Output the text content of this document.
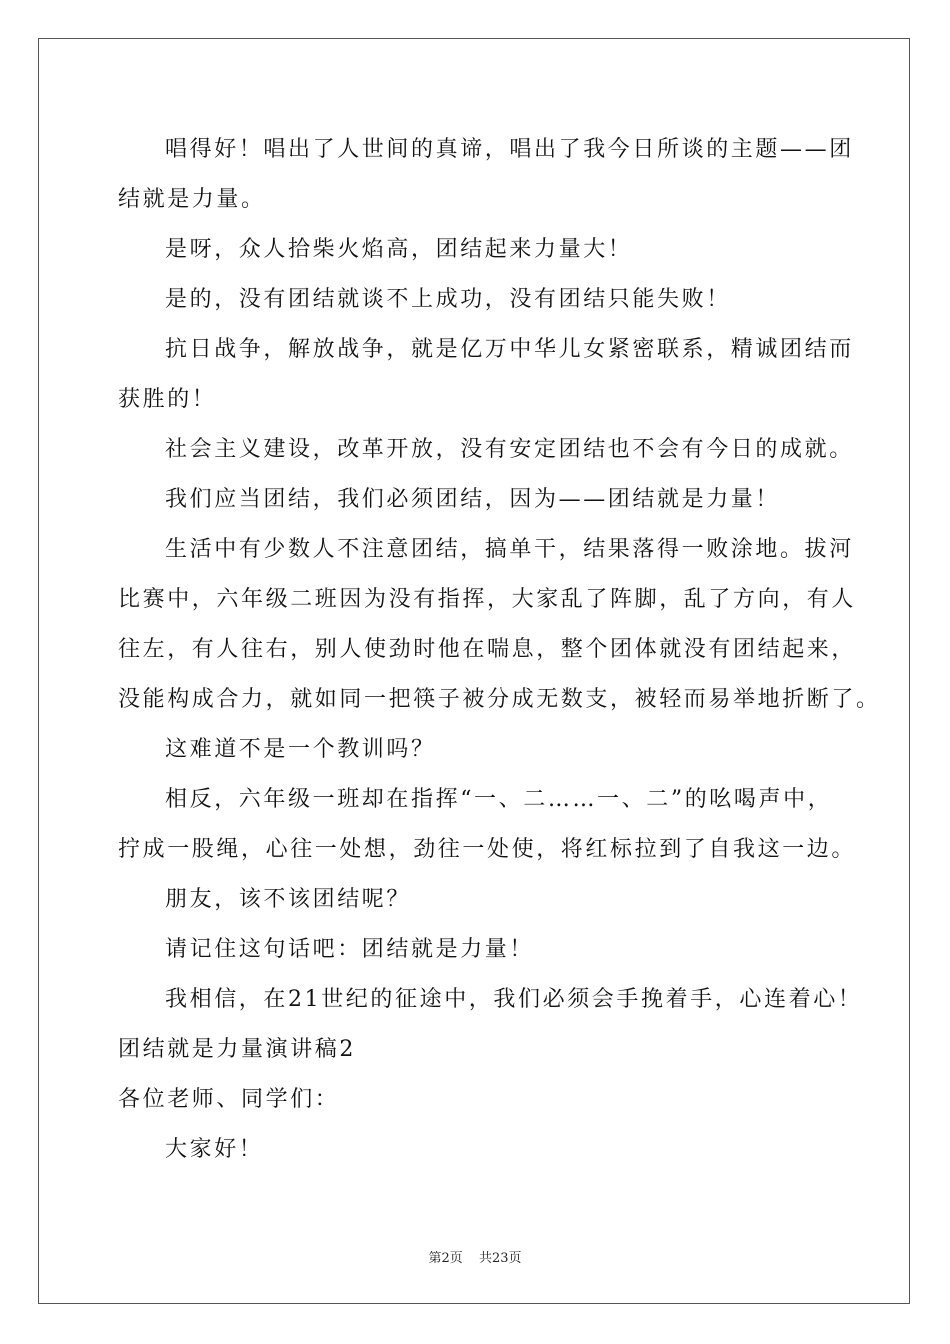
唱得好！唱出了人世间的真谛，唱出了我今日所谈的主题——团

结就是力量。

是呀，众人拾柴火焰高，团结起来力量大！

是的，没有团结就谈不上成功，没有团结只能失败！

抗日战争，解放战争，就是亿万中华儿女紧密联系，精诚团结而

获胜的！

社会主义建设，改革开放，没有安定团结也不会有今日的成就。

我们应当团结，我们必须团结，因为——团结就是力量！

生活中有少数人不注意团结，搞单干，结果落得一败涂地。拔河

比赛中，六年级二班因为没有指挥，大家乱了阵脚，乱了方向，有人

往左，有人往右，别人使劲时他在喘息，整个团体就没有团结起来，

没能构成合力，就如同一把筷子被分成无数支，被轻而易举地折断了。

这难道不是一个教训吗？

相反，六年级一班却在指挥“一、二……一、二”的吆喝声中，

拧成一股绳，心往一处想，劲往一处使，将红标拉到了自我这一边。

朋友，该不该团结呢？

请记住这句话吧：团结就是力量！

我相信，在21世纪的征途中，我们必须会手挽着手，心连着心！

团结就是力量演讲稿2

各位老师、同学们：

大家好！

第2页 共23页
